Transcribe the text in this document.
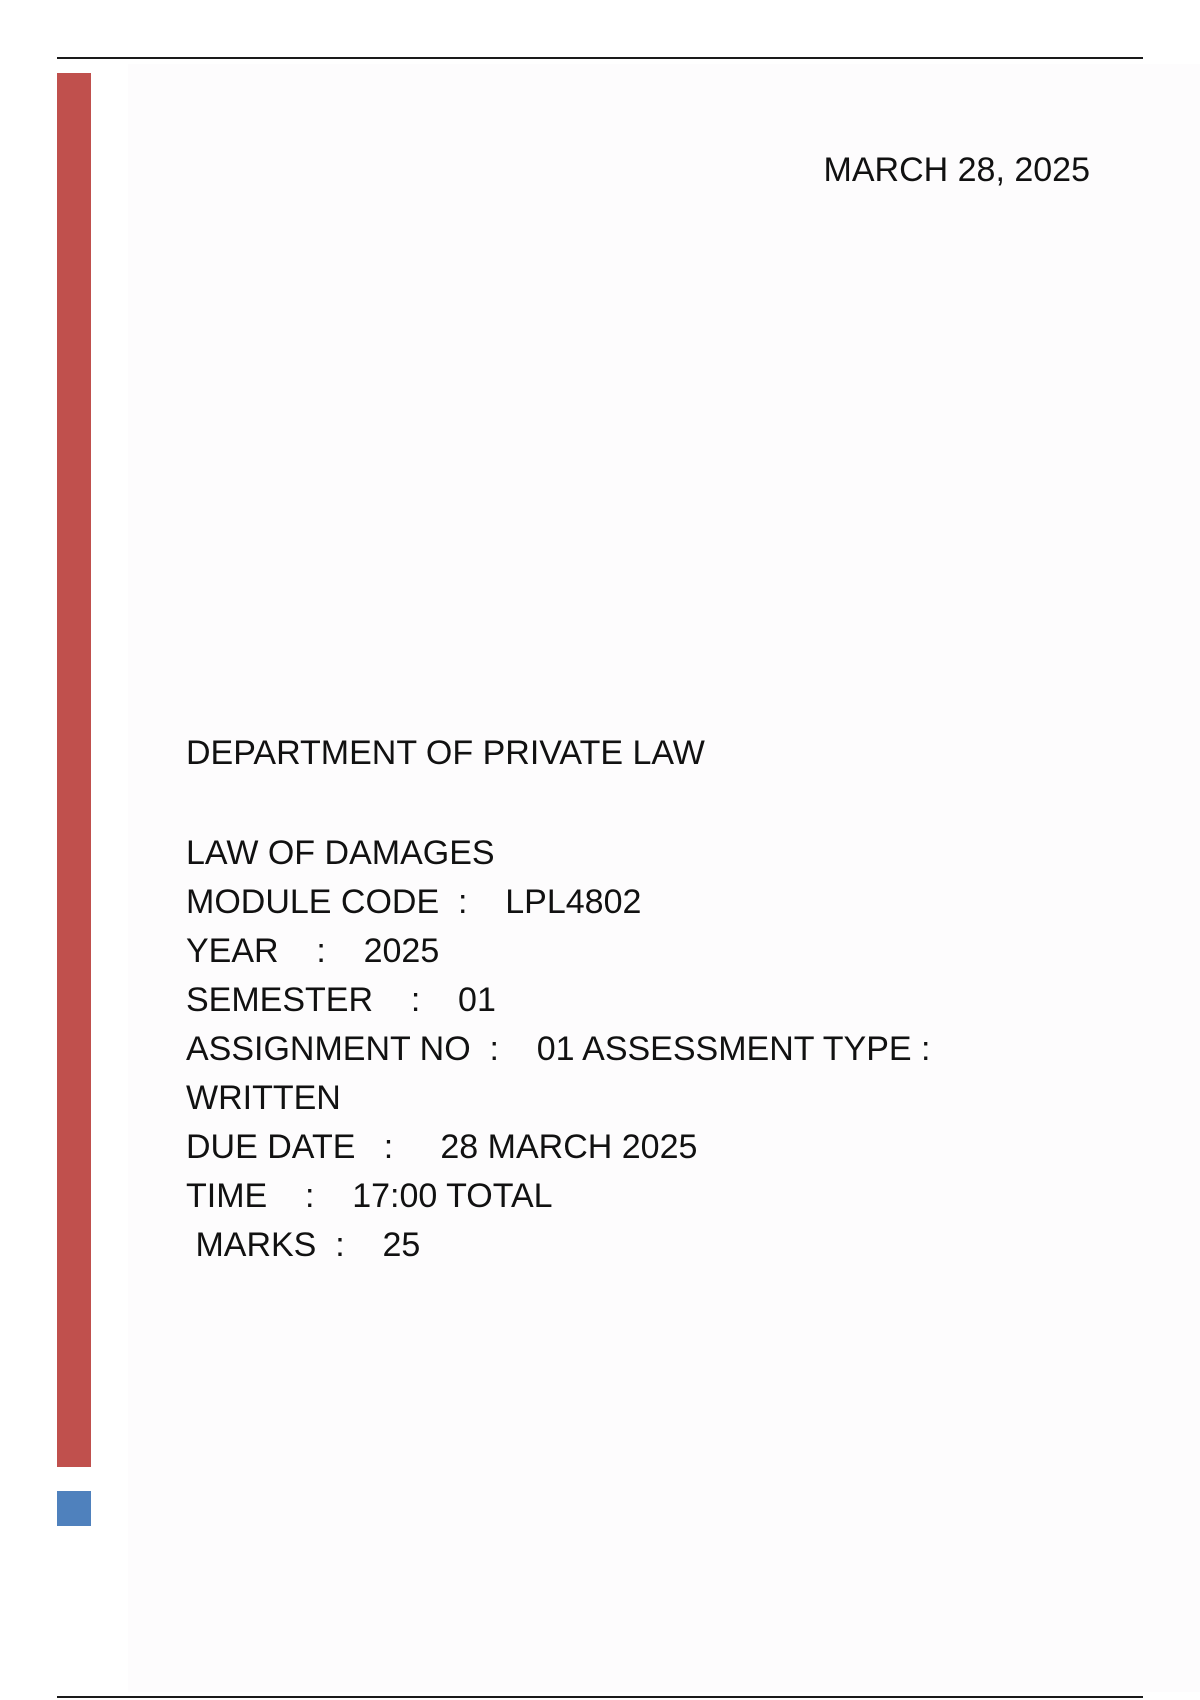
MARCH 28, 2025
DEPARTMENT OF PRIVATE LAW
LAW OF DAMAGES
MODULE CODE  :    LPL4802
YEAR    :    2025
SEMESTER    :    01
ASSIGNMENT NO  :    01 ASSESSMENT TYPE :
WRITTEN
DUE DATE   :     28 MARCH 2025
TIME    :    17:00 TOTAL
MARKS  :    25
